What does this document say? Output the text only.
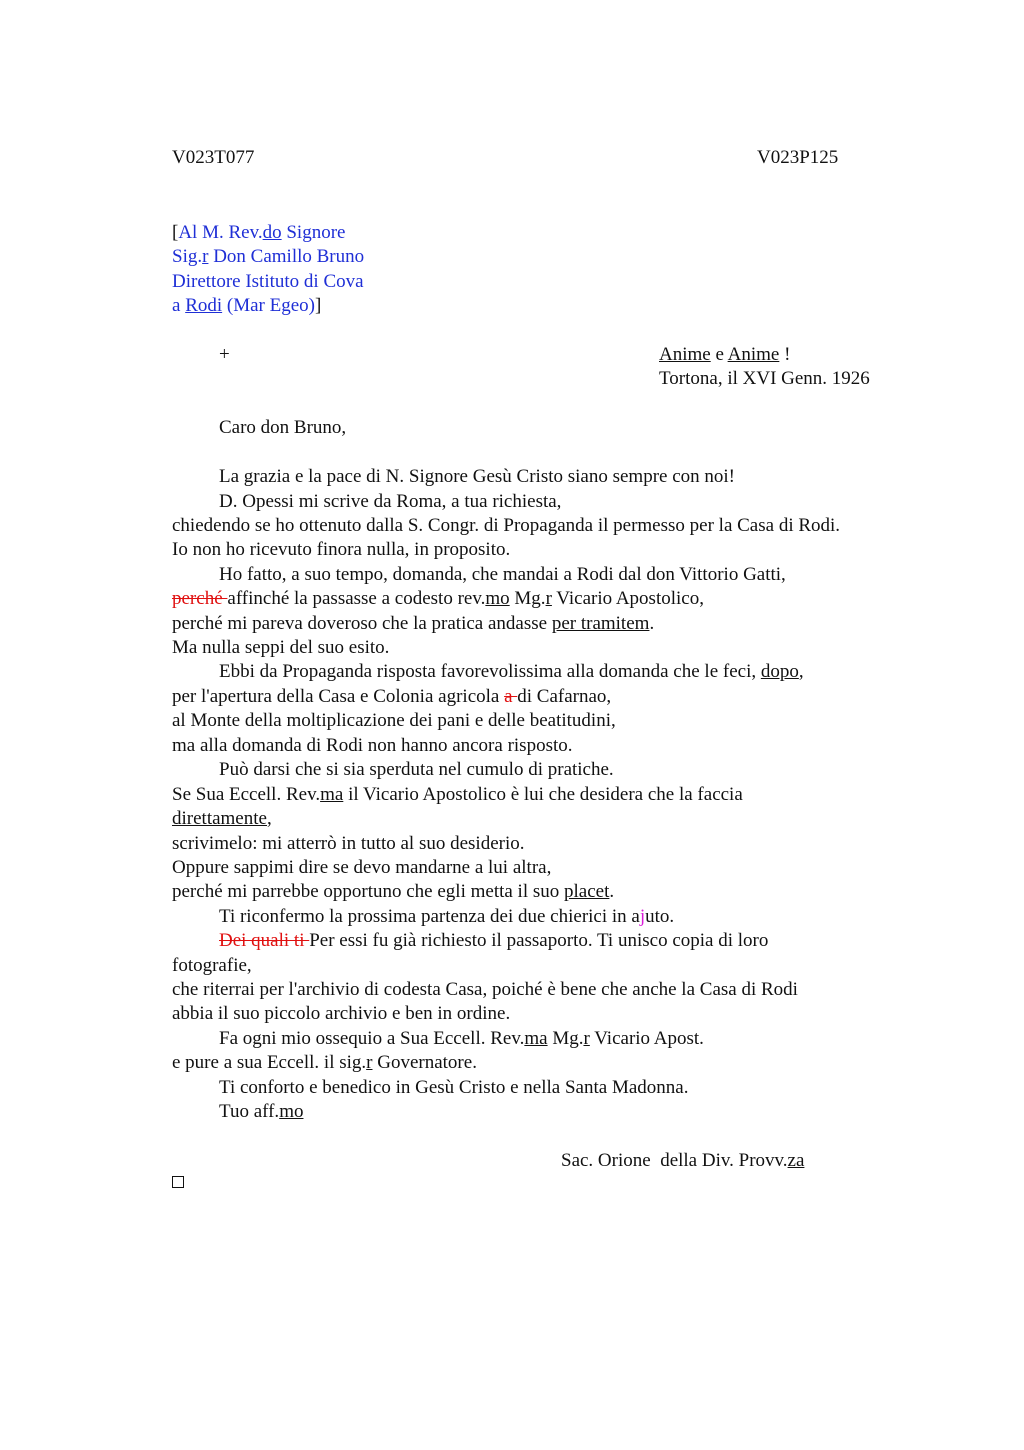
V023T077	V023P125
[Al M. Rev.do Signore
Sig.r Don Camillo Bruno
Direttore Istituto di Cova
a Rodi (Mar Egeo)]
+	Anime e Anime !
Tortona, il XVI Genn. 1926
Caro don Bruno,
La grazia e la pace di N. Signore Gesù Cristo siano sempre con noi!
D. Opessi mi scrive da Roma, a tua richiesta,
chiedendo se ho ottenuto dalla S. Congr. di Propaganda il permesso per la Casa di Rodi.
Io non ho ricevuto finora nulla, in proposito.
Ho fatto, a suo tempo, domanda, che mandai a Rodi dal don Vittorio Gatti,
perché affinché la passasse a codesto rev.mo Mg.r Vicario Apostolico,
perché mi pareva doveroso che la pratica andasse per tramitem.
Ma nulla seppi del suo esito.
Ebbi da Propaganda risposta favorevolissima alla domanda che le feci, dopo,
per l'apertura della Casa e Colonia agricola a di Cafarnao,
al Monte della moltiplicazione dei pani e delle beatitudini,
ma alla domanda di Rodi non hanno ancora risposto.
Può darsi che si sia sperduta nel cumulo di pratiche.
Se Sua Eccell. Rev.ma il Vicario Apostolico è lui che desidera che la faccia
direttamente,
scrivimelo: mi atterrò in tutto al suo desiderio.
Oppure sappimi dire se devo mandarne a lui altra,
perché mi parrebbe opportuno che egli metta il suo placet.
Ti riconfermo la prossima partenza dei due chierici in ajuto.
Dei quali ti Per essi fu già richiesto il passaporto. Ti unisco copia di loro
fotografie,
che riterrai per l'archivio di codesta Casa, poiché è bene che anche la Casa di Rodi
abbia il suo piccolo archivio e ben in ordine.
Fa ogni mio ossequio a Sua Eccell. Rev.ma Mg.r Vicario Apost.
e pure a sua Eccell. il sig.r Governatore.
Ti conforto e benedico in Gesù Cristo e nella Santa Madonna.
Tuo aff.mo
Sac. Orione  della Div. Provv.za
